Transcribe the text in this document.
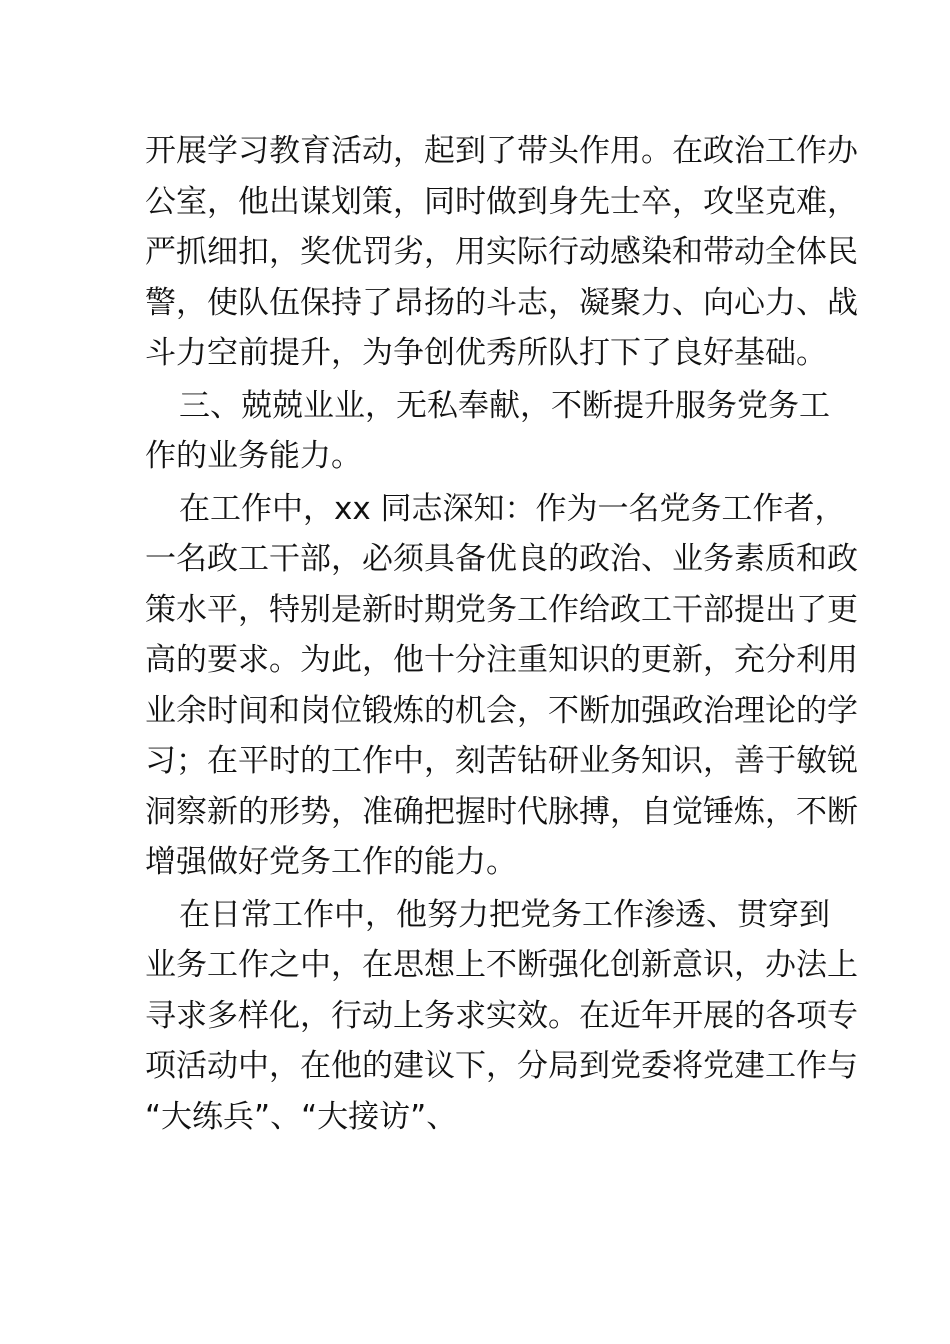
开展学习教育活动，起到了带头作用。在政治工作办
公室，他出谋划策，同时做到身先士卒，攻坚克难，
严抓细扣，奖优罚劣，用实际行动感染和带动全体民
警，使队伍保持了昂扬的斗志，凝聚力、向心力、战
斗力空前提升，为争创优秀所队打下了良好基础。
三、兢兢业业，无私奉献，不断提升服务党务工
作的业务能力。
在工作中，xx 同志深知：作为一名党务工作者，
一名政工干部，必须具备优良的政治、业务素质和政
策水平，特别是新时期党务工作给政工干部提出了更
高的要求。为此，他十分注重知识的更新，充分利用
业余时间和岗位锻炼的机会，不断加强政治理论的学
习；在平时的工作中，刻苦钻研业务知识，善于敏锐
洞察新的形势，准确把握时代脉搏，自觉锤炼，不断
增强做好党务工作的能力。
在日常工作中，他努力把党务工作渗透、贯穿到
业务工作之中，在思想上不断强化创新意识，办法上
寻求多样化，行动上务求实效。在近年开展的各项专
项活动中，在他的建议下，分局到党委将党建工作与
“大练兵”、“大接访”、
